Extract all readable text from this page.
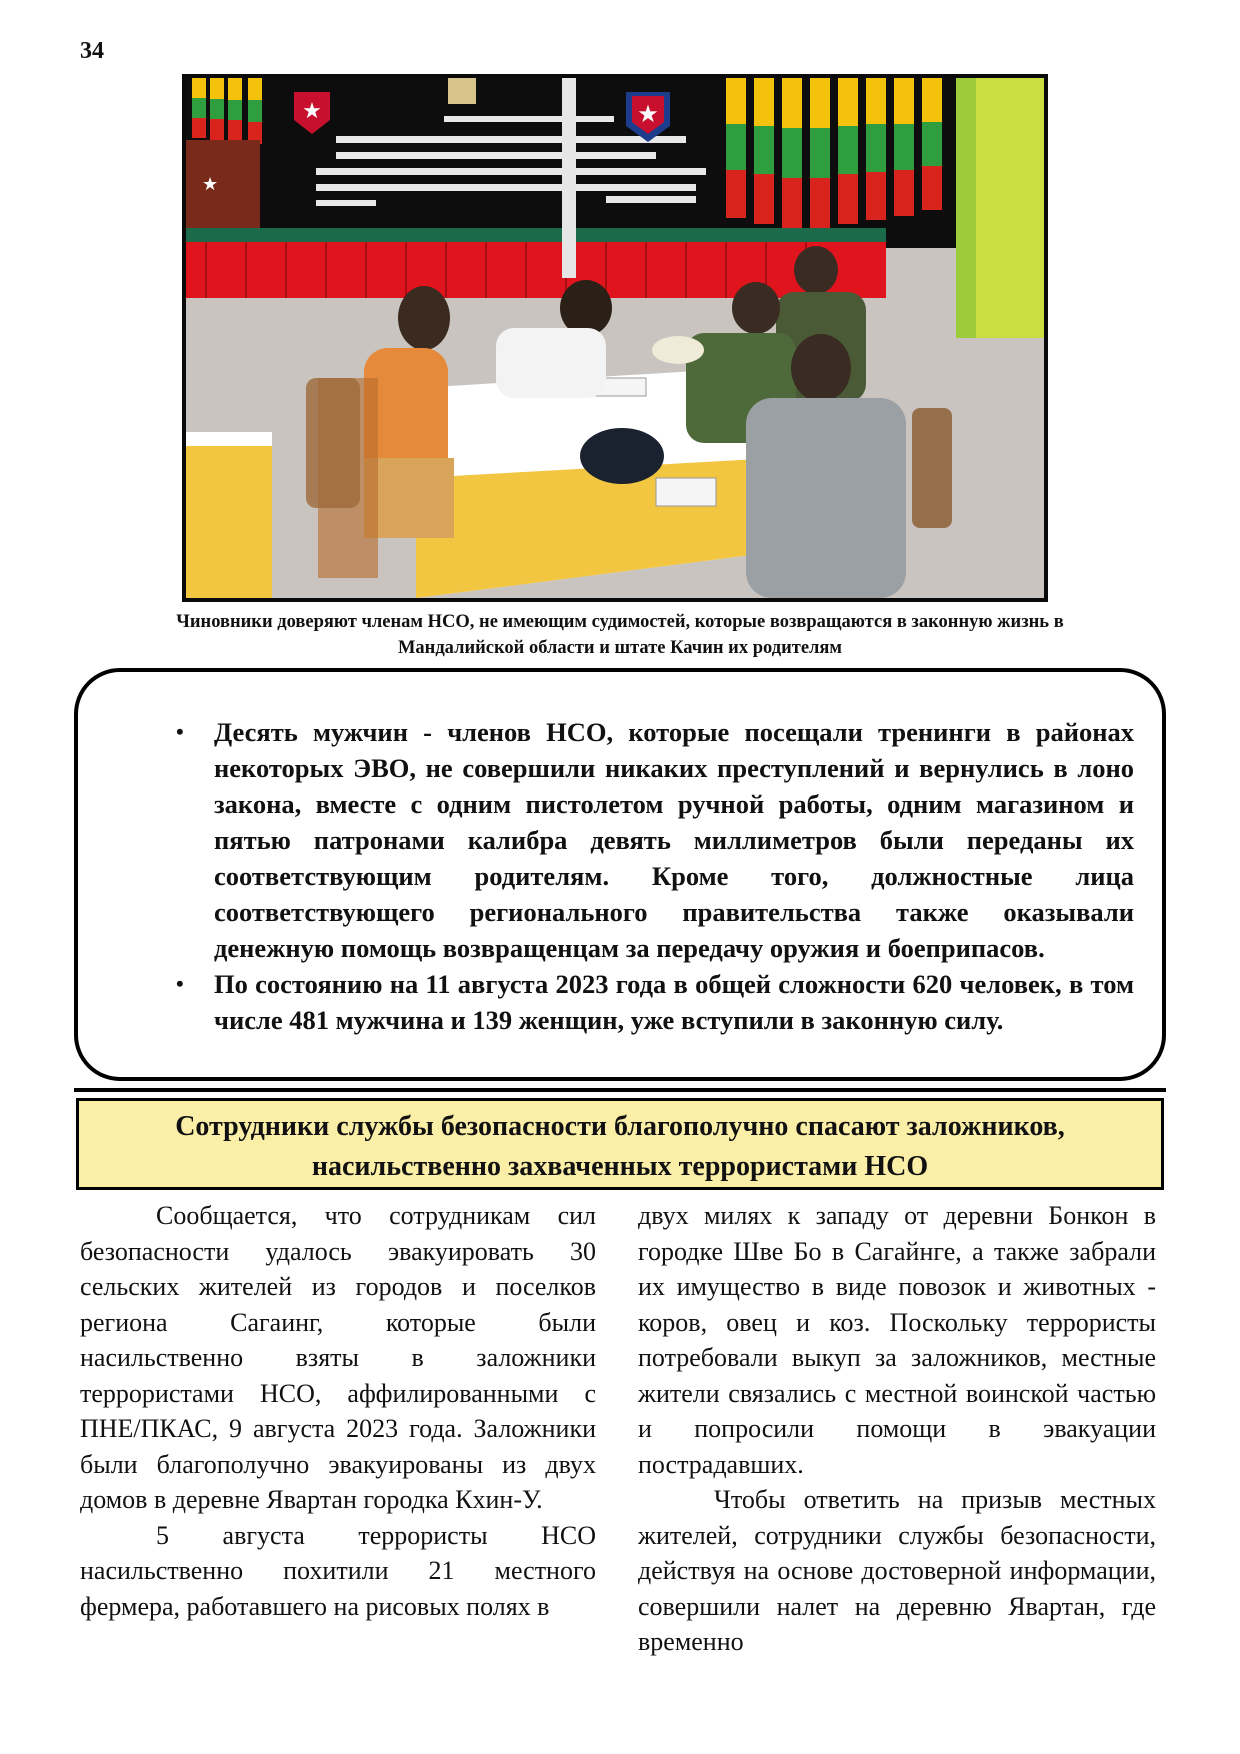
34
★	★
★
Чиновники доверяют членам НСО, не имеющим судимостей, которые возвращаются в законную жизнь в
Мандалийской области и штате Качин их родителям
• Десять мужчин - членов НСО, которые посещали тренинги в районах некоторых ЭВО, не совершили никаких преступлений и вернулись в лоно закона, вместе с одним пистолетом ручной работы, одним магазином и пятью патронами калибра девять миллиметров были переданы их соответствующим родителям. Кроме того, должностные лица соответствующего регионального правительства также оказывали денежную помощь возвращенцам за передачу оружия и боеприпасов.
• По состоянию на 11 августа 2023 года в общей сложности 620 человек, в том числе 481 мужчина и 139 женщин, уже вступили в законную силу.
Сотрудники службы безопасности благополучно спасают заложников,
насильственно захваченных террористами НСО

Сообщается, что сотрудникам сил безопасности удалось эвакуировать 30 сельских жителей из городов и поселков региона Сагаинг, которые были насильственно взяты в заложники террористами НСО, аффилированными с ПНЕ/ПКАС, 9 августа 2023 года. Заложники были благополучно эвакуированы из двух домов в деревне Явартан городка Кхин-У.

5 августа террористы НСО насильственно похитили 21 местного фермера, работавшего на рисовых полях в

двух милях к западу от деревни Бонкон в городке Шве Бо в Сагайнге, а также забрали их имущество в виде повозок и животных - коров, овец и коз. Поскольку террористы потребовали выкуп за заложников, местные жители связались с местной воинской частью и попросили помощи в эвакуации пострадавших.

Чтобы ответить на призыв местных жителей, сотрудники службы безопасности, действуя на основе достоверной информации, совершили налет на деревню Явартан, где временно
